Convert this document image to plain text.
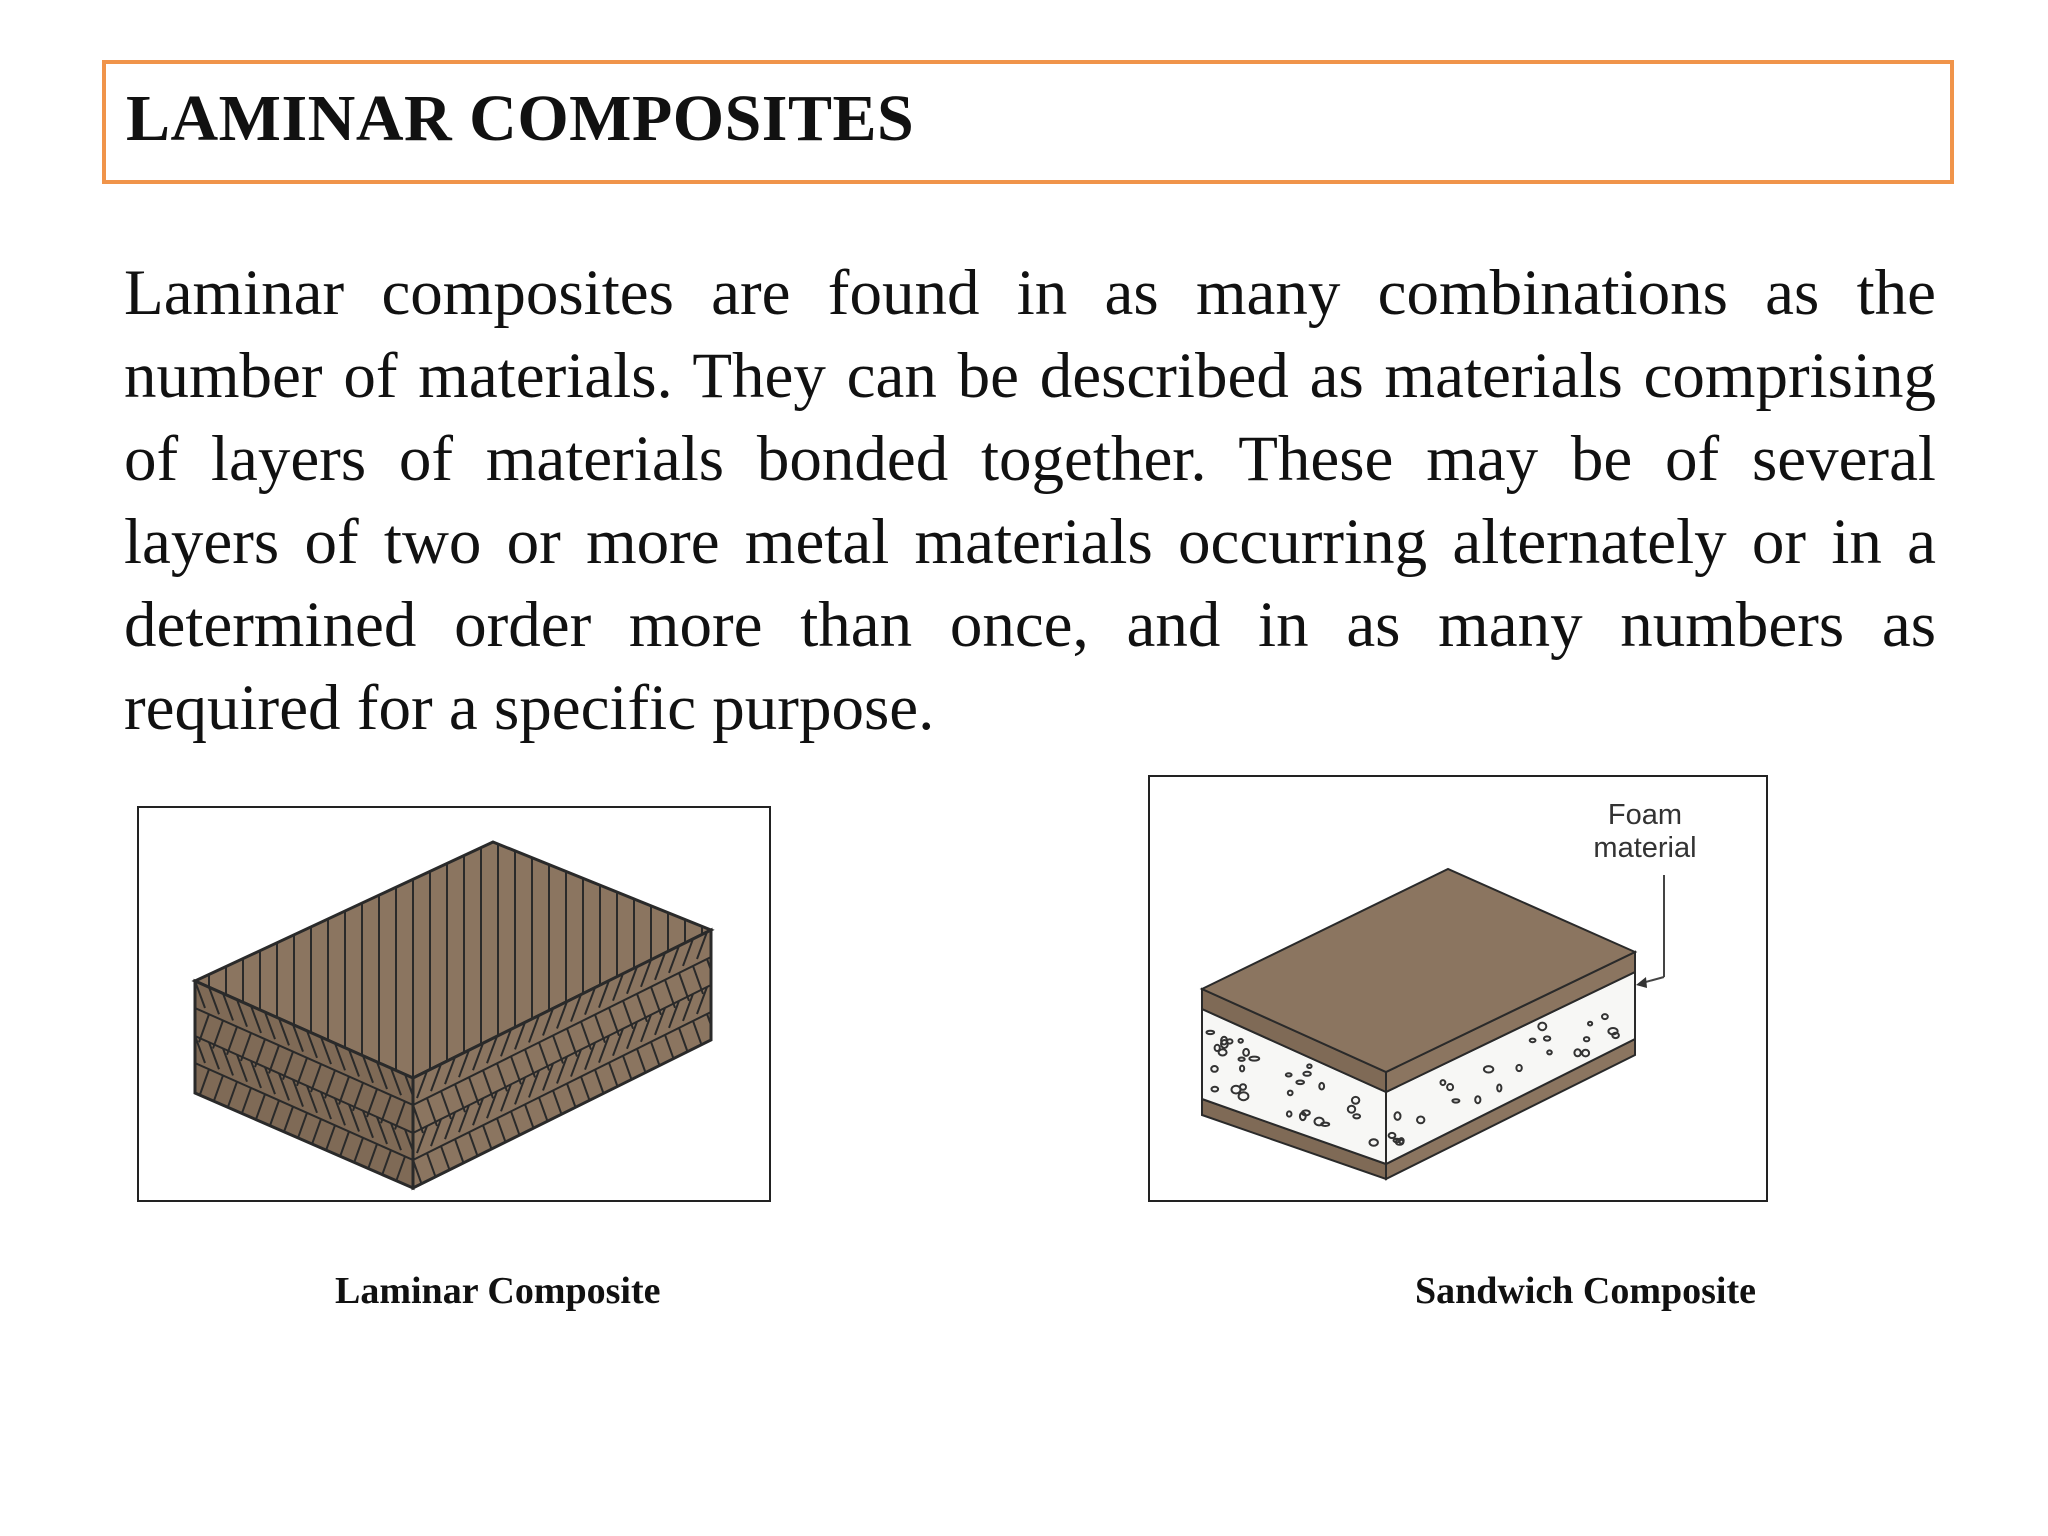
LAMINAR COMPOSITES

Laminar composites are found in as many combinations as the number of materials. They can be described as materials comprising of layers of materials bonded together. These may be of several layers of two or more metal materials occurring alternately or in a determined order more than once, and in as many numbers as required for a specific purpose.

Laminar Composite
Foam
material
Sandwich Composite
